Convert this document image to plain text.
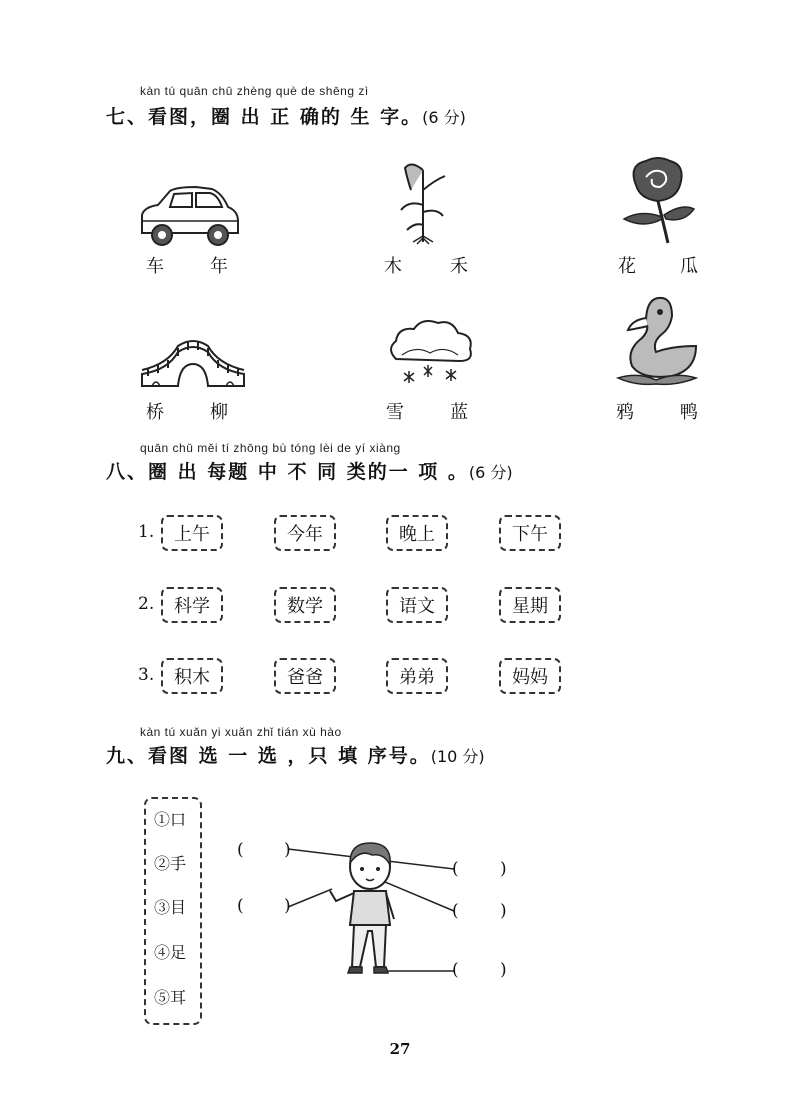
kàn tú quān chū zhèng què de shēng zì
七、看图，圈 出 正 确的 生 字。(6 分)
车	年	木	禾	花 瓜
桥	柳	雪	蓝	鸦	鸭
quān chū měi tí zhōng bù tóng lèi de yí xiàng
八、圈 出 每题 中 不 同 类的一 项 。(6 分)
1.	上午	今年	晚上	下午
2.	科学	数学	语文	星期
3.	积木	爸爸	弟弟	妈妈
kàn tú xuǎn yi xuǎn zhǐ tián xù hào
九、看图 选 一 选 ，只 填 序号。(10 分)
①口
②手
③目
④足
⑤耳
( )
( )
( )
( )
( )
27
